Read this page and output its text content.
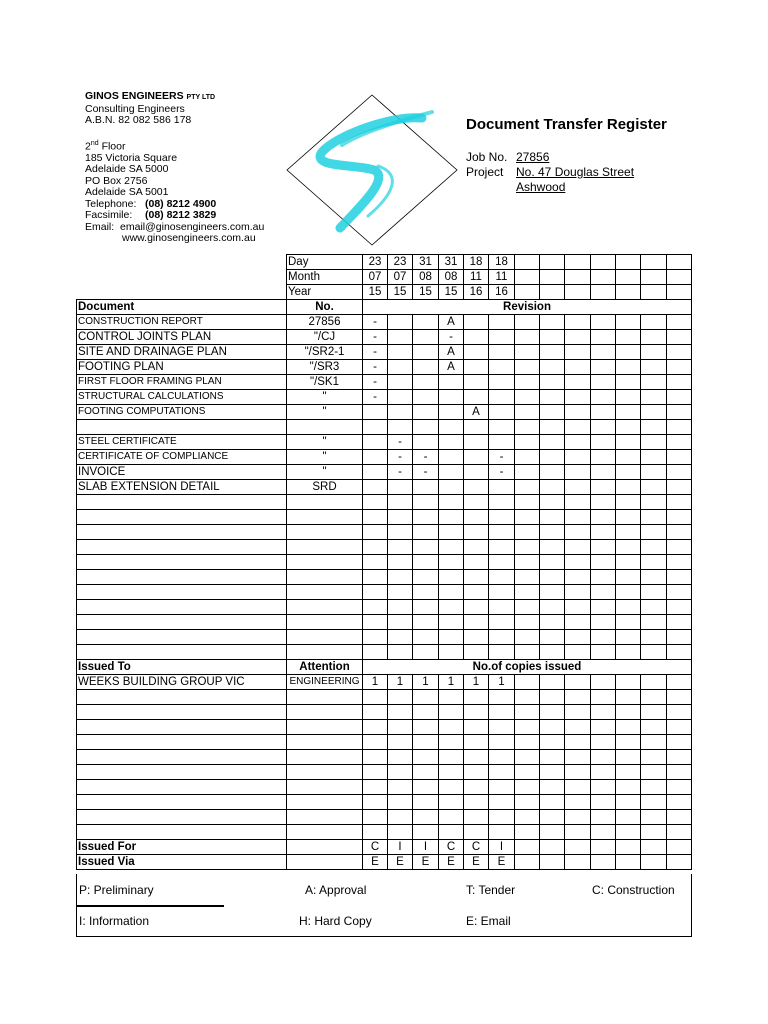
GINOS ENGINEERS PTY LTD
Consulting Engineers
A.B.N. 82 082 586 178
2nd Floor
185 Victoria Square
Adelaide SA 5000
PO Box 2756
Adelaide SA 5001
Telephone: (08) 8212 4900
Facsimile: (08) 8212 3829
Email: email@ginosengineers.com.au
www.ginosengineers.com.au
Document Transfer Register
Job No. 27856
Project No. 47 Douglas Street
Ashwood
	Day	23	23	31	31	18	18							
	Month	07	07	08	08	11	11							
	Year	15	15	15	15	16	16							
Document	No.	Revision												
CONSTRUCTION REPORT	27856	-			A									
CONTROL JOINTS PLAN	"/CJ	-			-									
SITE AND DRAINAGE PLAN	"/SR2-1	-			A									
FOOTING PLAN	"/SR3	-			A									
FIRST FLOOR FRAMING PLAN	"/SK1	-												
STRUCTURAL CALCULATIONS	"	-												
FOOTING COMPUTATIONS	"					A								

STEEL CERTIFICATE	"		-											
CERTIFICATE OF COMPLIANCE	"		-	-			-							
INVOICE	"		-	-			-							
SLAB EXTENSION DETAIL	SRD													

Issued To	Attention	No.of copies issued												
WEEKS BUILDING GROUP VIC	ENGINEERING	1	1	1	1	1	1							

Issued For		C	I	I	C	C	I							
Issued Via		E	E	E	E	E	E							
P: Preliminary	A: Approval	T: Tender	C: Construction
I: Information	H: Hard Copy	E: Email
